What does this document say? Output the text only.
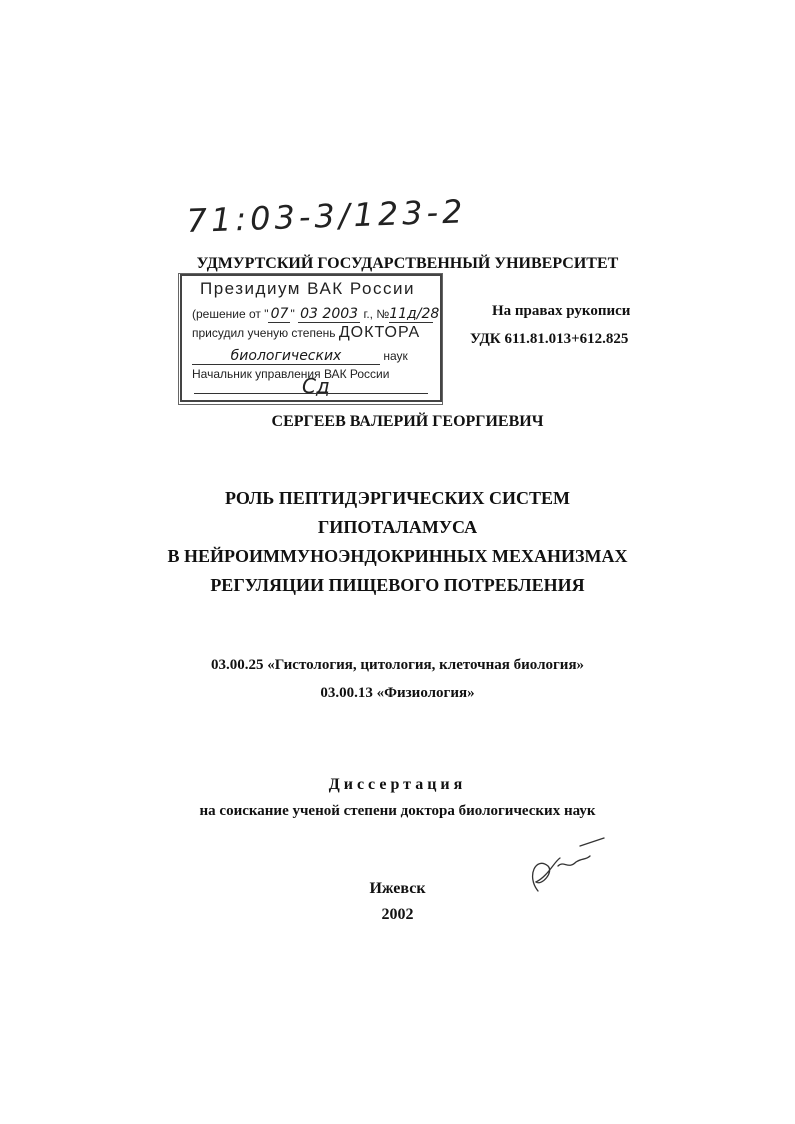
71:03-3/123-2
УДМУРТСКИЙ ГОСУДАРСТВЕННЫЙ УНИВЕРСИТЕТ
Президиум ВАК России
(решение от " 07 " 03 2003 г., №11д/28
присудил ученую степень ДОКТОРА
биологических	наук
Начальник управления ВАК России
Сд
На правах рукописи
УДК 611.81.013+612.825
СЕРГЕЕВ ВАЛЕРИЙ ГЕОРГИЕВИЧ
РОЛЬ ПЕПТИДЭРГИЧЕСКИХ СИСТЕМ
ГИПОТАЛАМУСА
В НЕЙРОИММУНОЭНДОКРИННЫХ МЕХАНИЗМАХ
РЕГУЛЯЦИИ ПИЩЕВОГО ПОТРЕБЛЕНИЯ
03.00.25 «Гистология, цитология, клеточная биология»
03.00.13 «Физиология»
Диссертация
на соискание ученой степени доктора биологических наук
Ижевск
2002
